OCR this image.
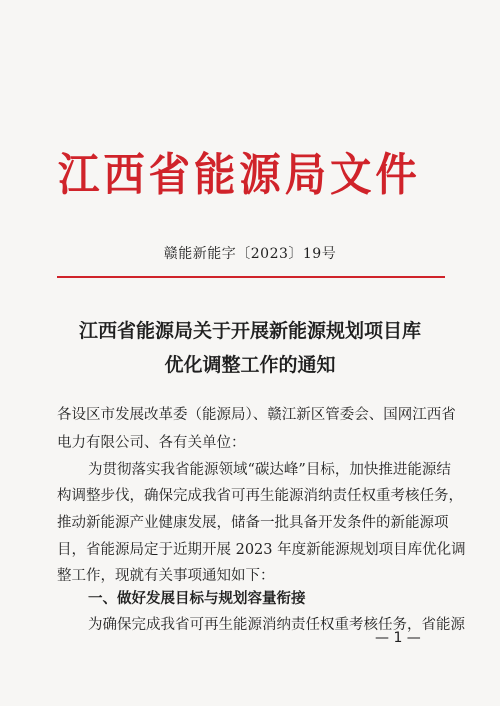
江 西 省 能 源 局 文 件
赣能新能字〔2023〕19号
江西省能源局关于开展新能源规划项目库
优化调整工作的通知
各设区市发展改革委（能源局）、赣江新区管委会、国网江西省
电力有限公司、各有关单位：
为贯彻落实我省能源领域“碳达峰”目标，加快推进能源结
构调整步伐，确保完成我省可再生能源消纳责任权重考核任务，
推动新能源产业健康发展，储备一批具备开发条件的新能源项
目，省能源局定于近期开展 2023 年度新能源规划项目库优化调
整工作，现就有关事项通知如下：
一、做好发展目标与规划容量衔接
为确保完成我省可再生能源消纳责任权重考核任务，省能源
— 1 —
